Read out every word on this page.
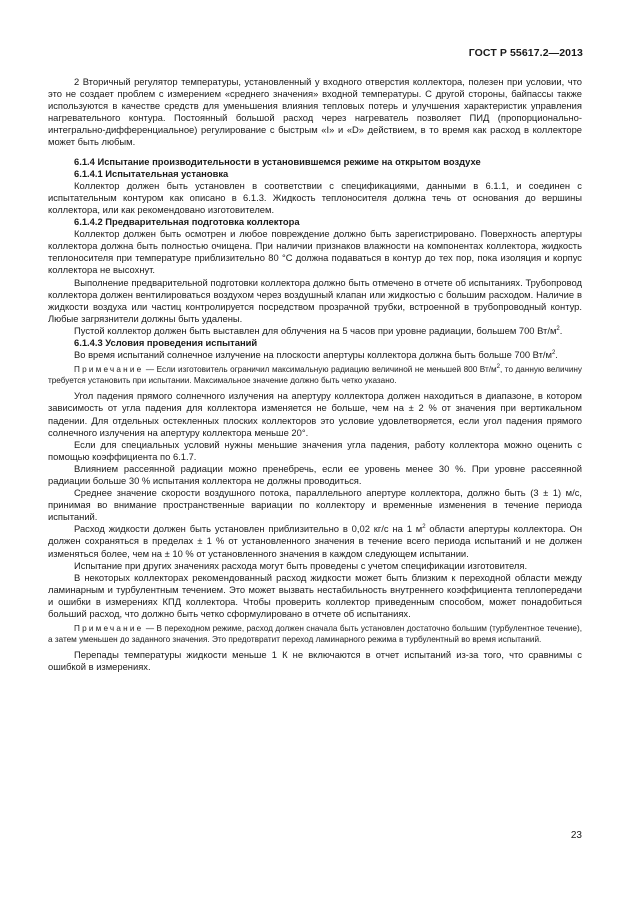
ГОСТ Р 55617.2—2013

2 Вторичный регулятор температуры, установленный у входного отверстия коллектора, полезен при условии, что это не создает проблем с измерением «среднего значения» входной температуры. С другой стороны, байпассы также используются в качестве средств для уменьшения влияния тепловых потерь и улучшения характеристик управления нагревательного контура. Постоянный большой расход через нагреватель позволяет ПИД (пропорционально-интегрально-дифференциальное) регулирование с быстрым «I» и «D» действием, в то время как расход в коллекторе может быть любым.

6.1.4 Испытание производительности в установившемся режиме на открытом воздухе
6.1.4.1 Испытательная установка

Коллектор должен быть установлен в соответствии с спецификациями, данными в 6.1.1, и соединен с испытательным контуром как описано в 6.1.3. Жидкость теплоносителя должна течь от основания до вершины коллектора, или как рекомендовано изготовителем.

6.1.4.2 Предварительная подготовка коллектора

Коллектор должен быть осмотрен и любое повреждение должно быть зарегистрировано. Поверхность апертуры коллектора должна быть полностью очищена. При наличии признаков влажности на компонентах коллектора, жидкость теплоносителя при температуре приблизительно 80 °С должна подаваться в контур до тех пор, пока изоляция и корпус коллектора не высохнут.

Выполнение предварительной подготовки коллектора должно быть отмечено в отчете об испытаниях. Трубопровод коллектора должен вентилироваться воздухом через воздушный клапан или жидкостью с большим расходом. Наличие в жидкости воздуха или частиц контролируется посредством прозрачной трубки, встроенной в трубопроводный контур. Любые загрязнители должны быть удалены.

Пустой коллектор должен быть выставлен для облучения на 5 часов при уровне радиации, большем 700 $Вт/м^2$.

6.1.4.3 Условия проведения испытаний

Во время испытаний солнечное излучение на плоскости апертуры коллектора должна быть больше 700 $Вт/м^2$.

Примечание — Если изготовитель ограничил максимальную радиацию величиной не меньшей 800 $Вт/м^2$, то данную величину требуется установить при испытании. Максимальное значение должно быть четко указано.

Угол падения прямого солнечного излучения на апертуру коллектора должен находиться в диапазоне, в котором зависимость от угла падения для коллектора изменяется не больше, чем на ± 2 % от значения при вертикальном падении. Для отдельных остекленных плоских коллекторов это условие удовлетворяется, если угол падения прямого солнечного излучения на апертуру коллектора меньше 20°.

Если для специальных условий нужны меньшие значения угла падения, работу коллектора можно оценить с помощью коэффициента по 6.1.7.

Влиянием рассеянной радиации можно пренебречь, если ее уровень менее 30 %. При уровне рассеянной радиации больше 30 % испытания коллектора не должны проводиться.

Среднее значение скорости воздушного потока, параллельного апертуре коллектора, должно быть (3 ± 1) м/с, принимая во внимание пространственные вариации по коллектору и временные изменения в течение периода испытаний.

Расход жидкости должен быть установлен приблизительно в 0,02 кг/с на 1 $м^2$ области апертуры коллектора. Он должен сохраняться в пределах ± 1 % от установленного значения в течение всего периода испытаний и не должен изменяться более, чем на ± 10 % от установленного значения в каждом следующем испытании.

Испытание при других значениях расхода могут быть проведены с учетом спецификации изготовителя.

В некоторых коллекторах рекомендованный расход жидкости может быть близким к переходной области между ламинарным и турбулентным течением. Это может вызвать нестабильность внутреннего коэффициента теплопередачи и ошибки в измерениях КПД коллектора. Чтобы проверить коллектор приведенным способом, может понадобиться больший расход, что должно быть четко сформулировано в отчете об испытаниях.

Примечание — В переходном режиме, расход должен сначала быть установлен достаточно большим (турбулентное течение), а затем уменьшен до заданного значения. Это предотвратит переход ламинарного режима в турбулентный во время испытаний.

Перепады температуры жидкости меньше 1 К не включаются в отчет испытаний из-за того, что сравнимы с ошибкой в измерениях.

23
